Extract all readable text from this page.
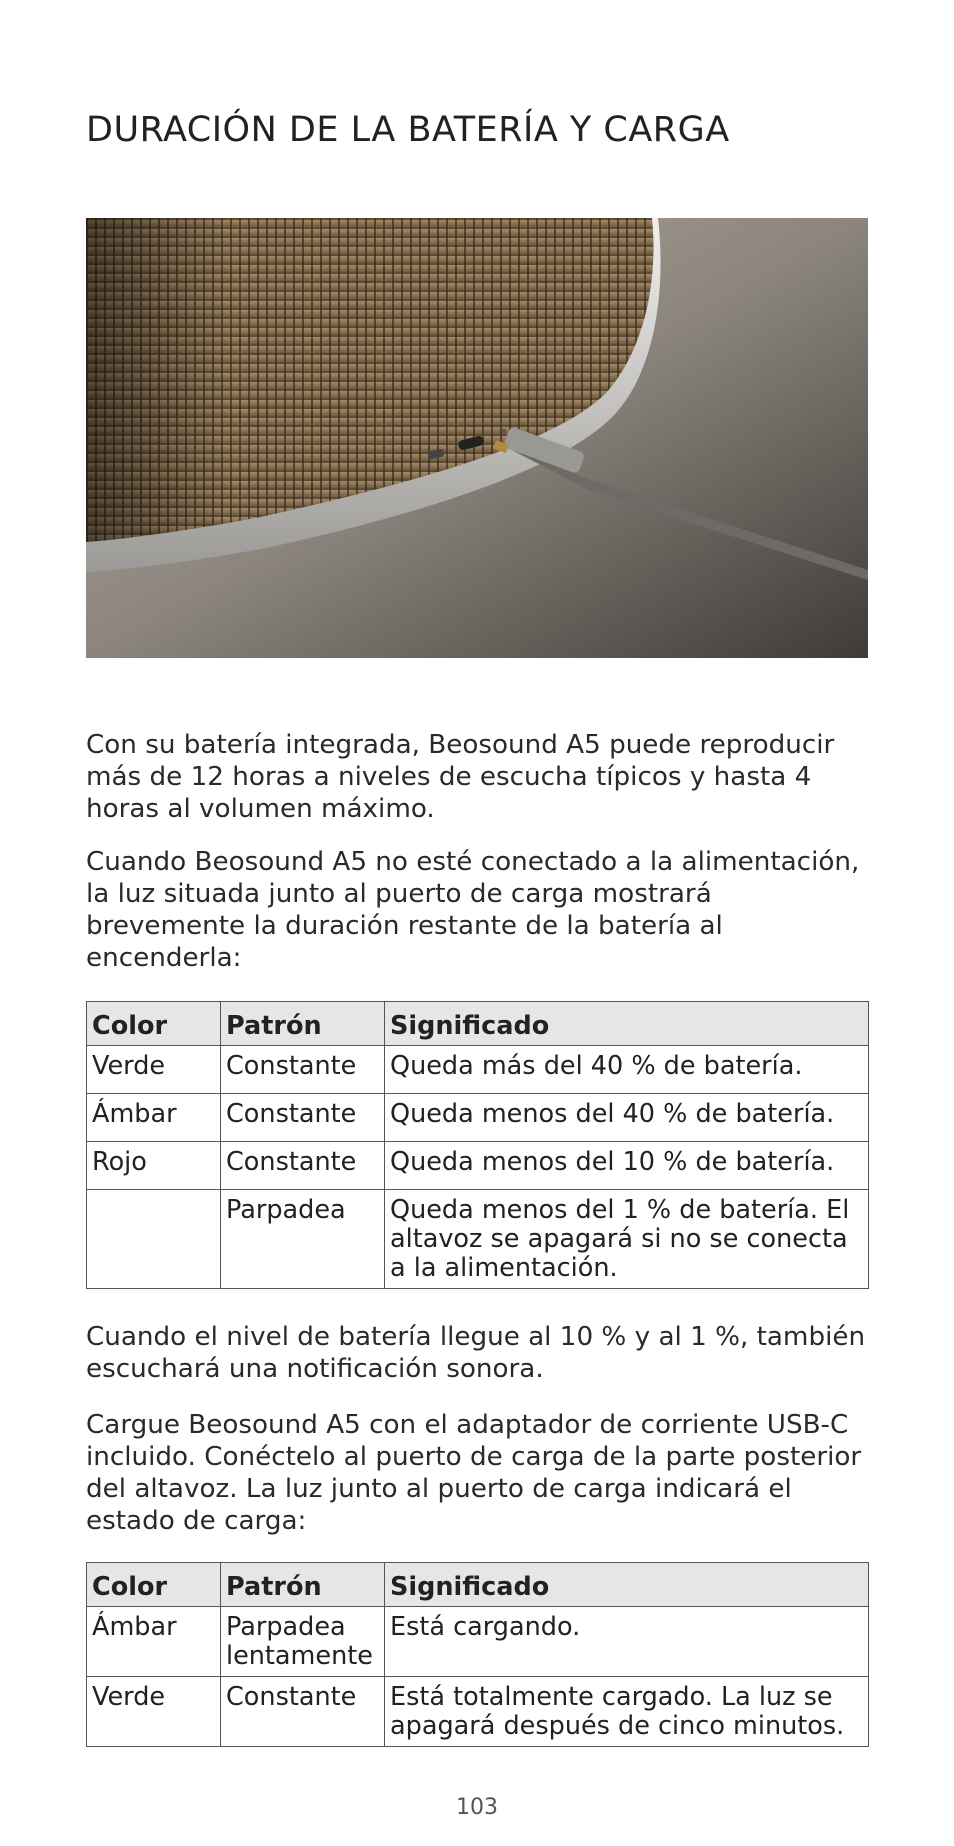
DURACIÓN DE LA BATERÍA Y CARGA

Con su batería integrada, Beosound A5 puede reproducir más de 12 horas a niveles de escucha típicos y hasta 4 horas al volumen máximo.

Cuando Beosound A5 no esté conectado a la alimentación, la luz situada junto al puerto de carga mostrará brevemente la duración restante de la batería al encenderla:

Color	Patrón	Significado
Verde	Constante	Queda más del 40 % de batería.
Ámbar	Constante	Queda menos del 40 % de batería.
Rojo	Constante	Queda menos del 10 % de batería.
	Parpadea	Queda menos del 1 % de batería. El altavoz se apagará si no se conecta a la alimentación.

Cuando el nivel de batería llegue al 10 % y al 1 %, también escuchará una notificación sonora.

Cargue Beosound A5 con el adaptador de corriente USB-C incluido. Conéctelo al puerto de carga de la parte posterior del altavoz. La luz junto al puerto de carga indicará el estado de carga:

Color	Patrón	Significado
Ámbar	Parpadea lentamente	Está cargando.
Verde	Constante	Está totalmente cargado. La luz se apagará después de cinco minutos.
103
